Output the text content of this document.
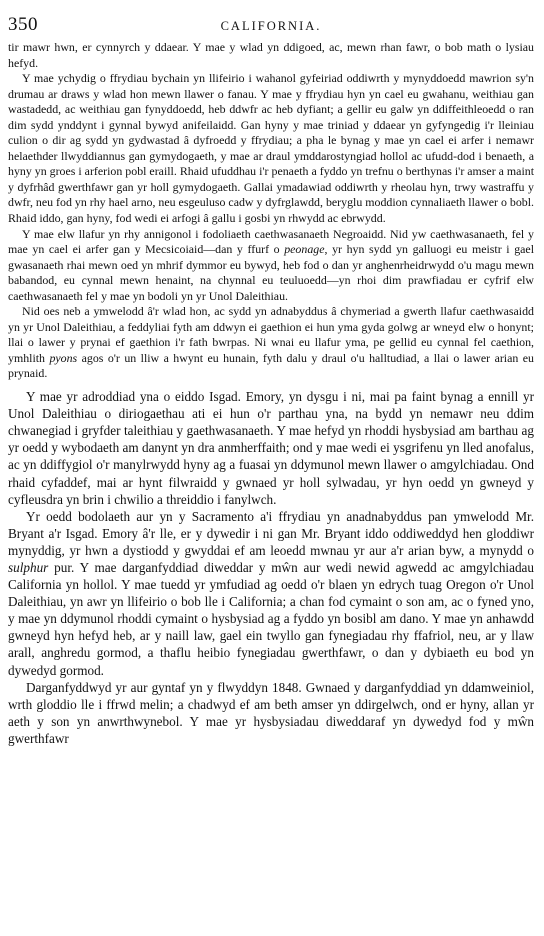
350	CALIFORNIA.

tir mawr hwn, er cynnyrch y ddaear. Y mae y wlad yn ddigoed, ac, mewn rhan fawr, o bob math o lysiau hefyd.

Y mae ychydig o ffrydiau bychain yn llifeirio i wahanol gyfeiriad oddiwrth y mynyddoedd mawrion sy'n drumau ar draws y wlad hon mewn llawer o fanau. Y mae y ffrydiau hyn yn cael eu gwahanu, weithiau gan wastadedd, ac weithiau gan fynyddoedd, heb ddwfr ac heb dyfiant; a gellir eu galw yn ddiffeithleoedd o ran dim sydd ynddynt i gynnal bywyd anifeilaidd. Gan hyny y mae triniad y ddaear yn gyfyngedig i'r lleiniau culion o dir ag sydd yn gydwastad â dyfroedd y ffrydiau; a pha le bynag y mae yn cael ei arfer i nemawr helaethder llwyddiannus gan gymydogaeth, y mae ar draul ymddarostyngiad hollol ac ufudd-dod i benaeth, a hyny yn groes i arferion pobl eraill. Rhaid ufuddhau i'r penaeth a fyddo yn trefnu o berthynas i'r amser a maint y dyfrhâd gwerthfawr gan yr holl gymydogaeth. Gallai ymadawiad oddiwrth y rheolau hyn, trwy wastraffu y dwfr, neu fod yn rhy hael arno, neu esgeuluso cadw y dyfrglawdd, beryglu moddion cynnaliaeth llawer o bobl. Rhaid iddo, gan hyny, fod wedi ei arfogi â gallu i gosbi yn rhwydd ac ebrwydd.

Y mae elw llafur yn rhy annigonol i fodoliaeth caethwasanaeth Negroaidd. Nid yw caethwasanaeth, fel y mae yn cael ei arfer gan y Mecsicoiaid—dan y ffurf o peonage, yr hyn sydd yn galluogi eu meistr i gael gwasanaeth rhai mewn oed yn mhrif dymmor eu bywyd, heb fod o dan yr anghenrheidrwydd o'u magu mewn babandod, eu cynnal mewn henaint, na chynnal eu teuluoedd—yn rhoi dim prawfiadau er cyfrif elw caethwasanaeth fel y mae yn bodoli yn yr Unol Daleithiau.

Nid oes neb a ymwelodd â'r wlad hon, ac sydd yn adnabyddus â chymeriad a gwerth llafur caethwasaidd yn yr Unol Daleithiau, a feddyliai fyth am ddwyn ei gaethion ei hun yma gyda golwg ar wneyd elw o honynt; llai o lawer y prynai ef gaethion i'r fath bwrpas. Ni wnai eu llafur yma, pe gellid eu cynnal fel caethion, ymhlith pyons agos o'r un lliw a hwynt eu hunain, fyth dalu y draul o'u halltudiad, a llai o lawer arian eu prynaid.

Y mae yr adroddiad yna o eiddo Isgad. Emory, yn dysgu i ni, mai pa faint bynag a ennill yr Unol Daleithiau o diriogaethau ati ei hun o'r parthau yna, na bydd yn nemawr neu ddim chwanegiad i gryfder taleithiau y gaethwasanaeth. Y mae hefyd yn rhoddi hysbysiad am barthau ag yr oedd y wybodaeth am danynt yn dra anmherffaith; ond y mae wedi ei ysgrifenu yn lled anofalus, ac yn ddiffygiol o'r manylrwydd hyny ag a fuasai yn ddymunol mewn llawer o amgylchiadau. Ond rhaid cyfaddef, mai ar hynt filwraidd y gwnaed yr holl sylwadau, yr hyn oedd yn gwneyd y cyfleusdra yn brin i chwilio a threiddio i fanylwch.

Yr oedd bodolaeth aur yn y Sacramento a'i ffrydiau yn anadnabyddus pan ymwelodd Mr. Bryant a'r Isgad. Emory â'r lle, er y dywedir i ni gan Mr. Bryant iddo oddiweddyd hen gloddiwr mynyddig, yr hwn a dystiodd y gwyddai ef am leoedd mwnau yr aur a'r arian byw, a mynydd o sulphur pur. Y mae darganfyddiad diweddar y mŵn aur wedi newid agwedd ac amgylchiadau California yn hollol. Y mae tuedd yr ymfudiad ag oedd o'r blaen yn edrych tuag Oregon o'r Unol Daleithiau, yn awr yn llifeirio o bob lle i California; a chan fod cymaint o son am, ac o fyned yno, y mae yn ddymunol rhoddi cymaint o hysbysiad ag a fyddo yn bosibl am dano. Y mae yn anhawdd gwneyd hyn hefyd heb, ar y naill law, gael ein twyllo gan fynegiadau rhy ffafriol, neu, ar y llaw arall, anghredu gormod, a thaflu heibio fynegiadau gwerthfawr, o dan y dybiaeth eu bod yn dywedyd gormod.

Darganfyddwyd yr aur gyntaf yn y flwyddyn 1848. Gwnaed y darganfyddiad yn ddamweiniol, wrth gloddio lle i ffrwd melin; a chadwyd ef am beth amser yn ddirgelwch, ond er hyny, allan yr aeth y son yn anwrthwynebol. Y mae yr hysbysiadau diweddaraf yn dywedyd fod y mŵn gwerthfawr
